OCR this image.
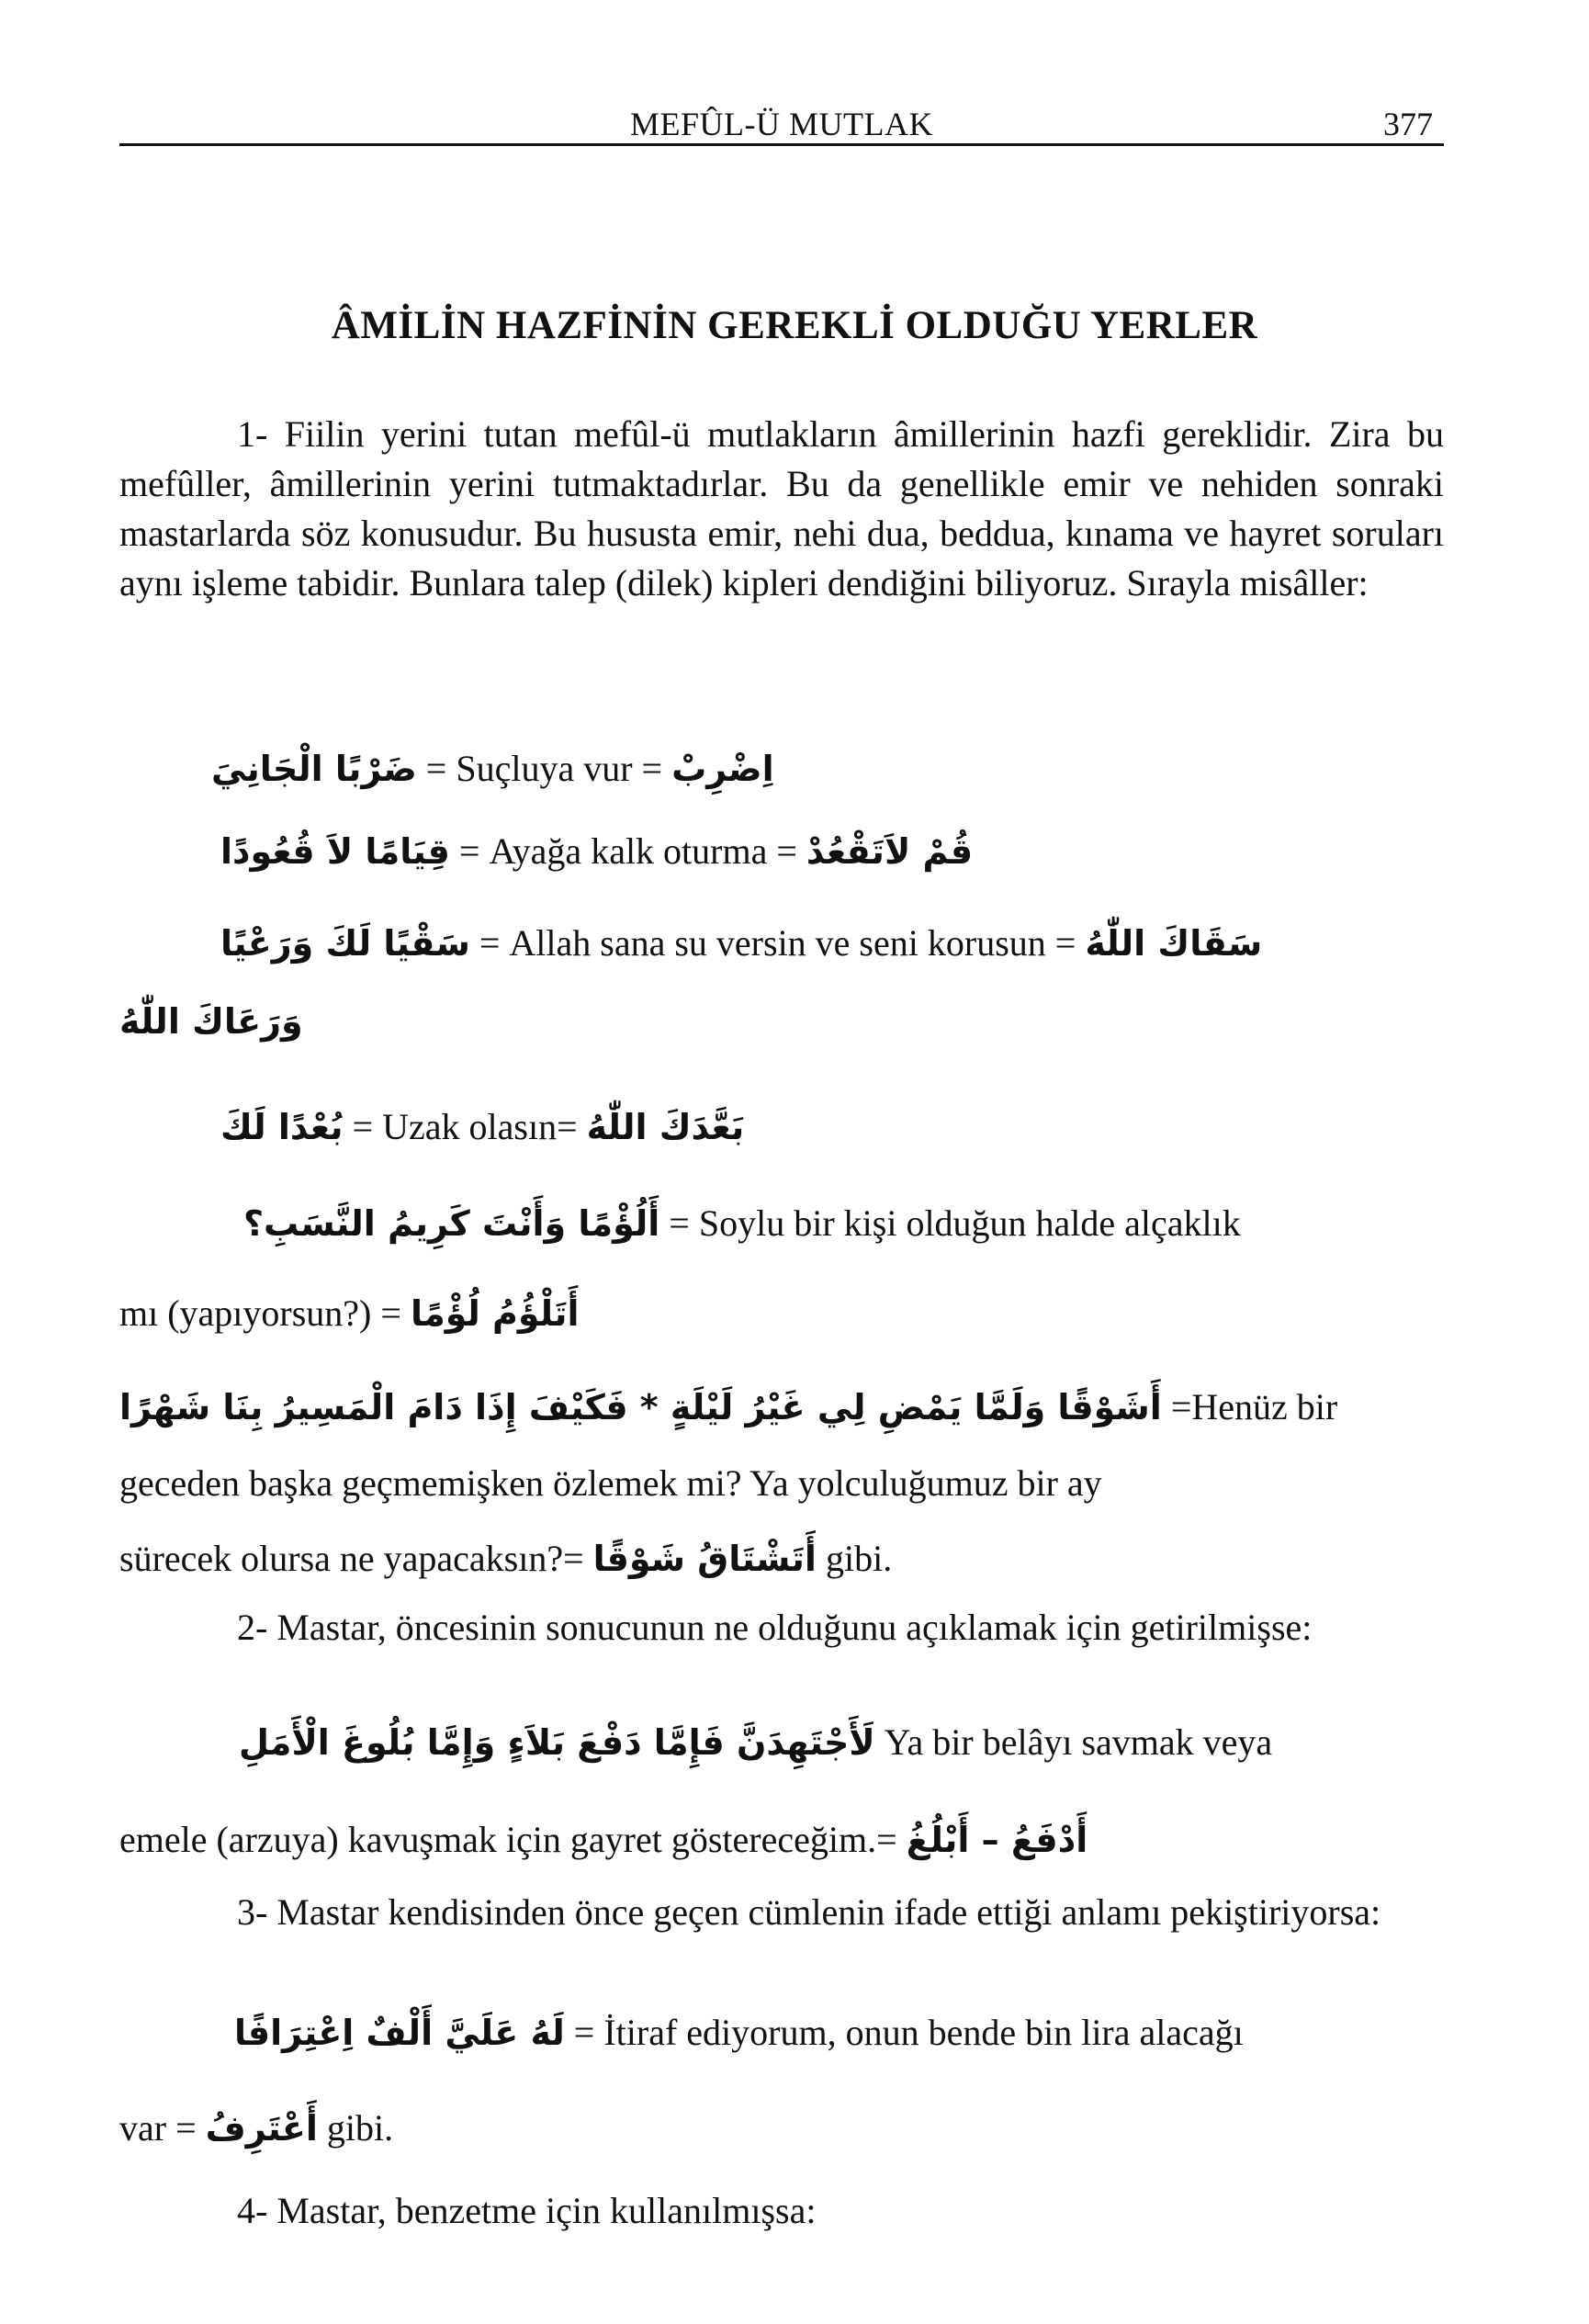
MEFÛL-Ü MUTLAK	377
ÂMİLİN HAZFİNİN GEREKLİ OLDUĞU YERLER

1- Fiilin yerini tutan mefûl-ü mutlakların âmillerinin hazfi gereklidir. Zira bu mefûller, âmillerinin yerini tutmaktadırlar. Bu da genellikle emir ve nehiden sonraki mastarlarda söz konusudur. Bu hususta emir, nehi dua, beddua, kınama ve hayret soruları aynı işleme tabidir. Bunlara talep (dilek) kipleri dendiğini biliyoruz. Sırayla misâller:

ضَرْبًا الْجَانِيَ = Suçluya vur = اِضْرِبْ
قِيَامًا لاَ قُعُودًا = Ayağa kalk oturma = قُمْ لاَتَقْعُدْ
سَقْيًا لَكَ وَرَعْيًا = Allah sana su versin ve seni korusun = سَقَاكَ اللّٰهُ
وَرَعَاكَ اللّٰهُ
بُعْدًا لَكَ = Uzak olasın= بَعَّدَكَ اللّٰهُ
أَلُؤْمًا وَأَنْتَ كَرِيمُ النَّسَبِ؟ = Soylu bir kişi olduğun halde alçaklık
mı (yapıyorsun?) = أَتَلْؤُمُ لُؤْمًا
أَشَوْقًا وَلَمَّا يَمْضِ لِي غَيْرُ لَيْلَةٍ * فَكَيْفَ إِذَا دَامَ الْمَسِيرُ بِنَا شَهْرًا =Henüz bir
geceden başka geçmemişken özlemek mi? Ya yolculuğumuz bir ay
sürecek olursa ne yapacaksın?= أَتَشْتَاقُ شَوْقًا gibi.

2- Mastar, öncesinin sonucunun ne olduğunu açıklamak için getirilmişse:

لَأَجْتَهِدَنَّ فَإِمَّا دَفْعَ بَلاَءٍ وَإِمَّا بُلُوغَ الْأَمَلِ Ya bir belâyı savmak veya
emele (arzuya) kavuşmak için gayret göstereceğim.= أَدْفَعُ – أَبْلُغُ

3- Mastar kendisinden önce geçen cümlenin ifade ettiği anlamı pekiştiriyorsa:

لَهُ عَلَيَّ أَلْفٌ اِعْتِرَافًا = İtiraf ediyorum, onun bende bin lira alacağı
var = أَعْتَرِفُ gibi.

4- Mastar, benzetme için kullanılmışsa:
